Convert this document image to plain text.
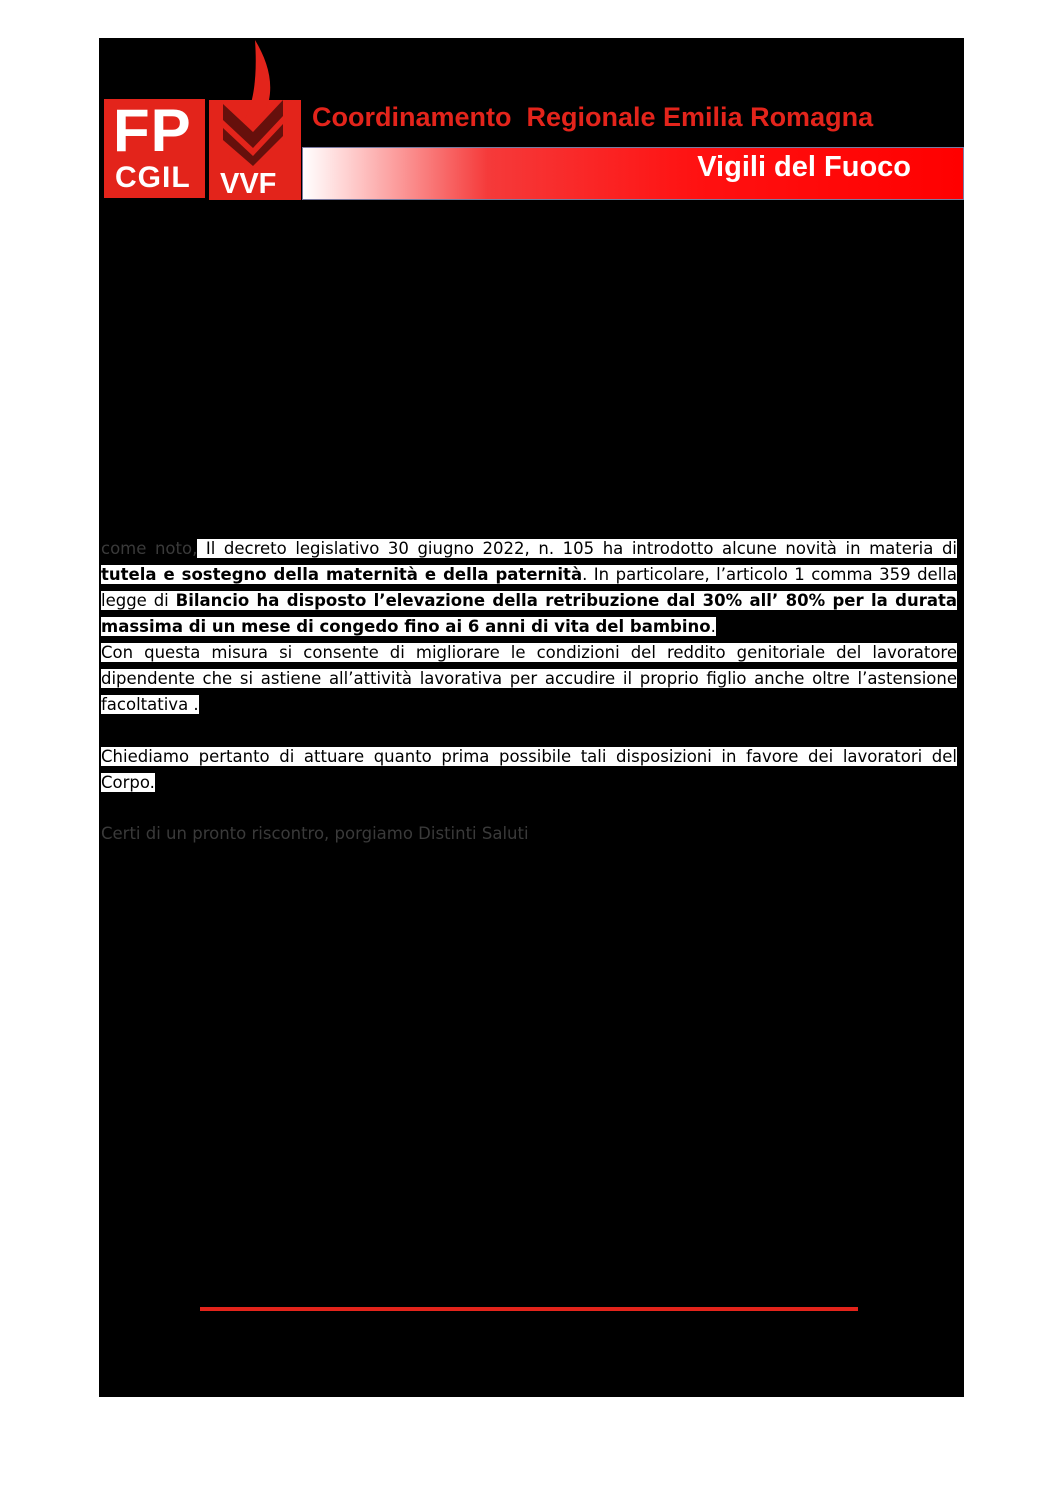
FP
CGIL VVF
Coordinamento  Regionale Emilia Romagna
Vigili del Fuoco

come noto, Il decreto legislativo 30 giugno 2022, n. 105 ha introdotto alcune novità in materia di tutela e sostegno della maternità e della paternità. In particolare, l’articolo 1 comma 359 della legge di Bilancio ha disposto l’elevazione della retribuzione dal 30% all’ 80% per la durata massima di un mese di congedo fino ai 6 anni di vita del bambino.

Con questa misura si consente di migliorare le condizioni del reddito genitoriale del lavoratore dipendente che si astiene all’attività lavorativa per accudire il proprio figlio anche oltre l’astensione facoltativa .

Chiediamo pertanto di attuare quanto prima possibile tali disposizioni in favore dei lavoratori del Corpo.

Certi di un pronto riscontro, porgiamo Distinti Saluti
